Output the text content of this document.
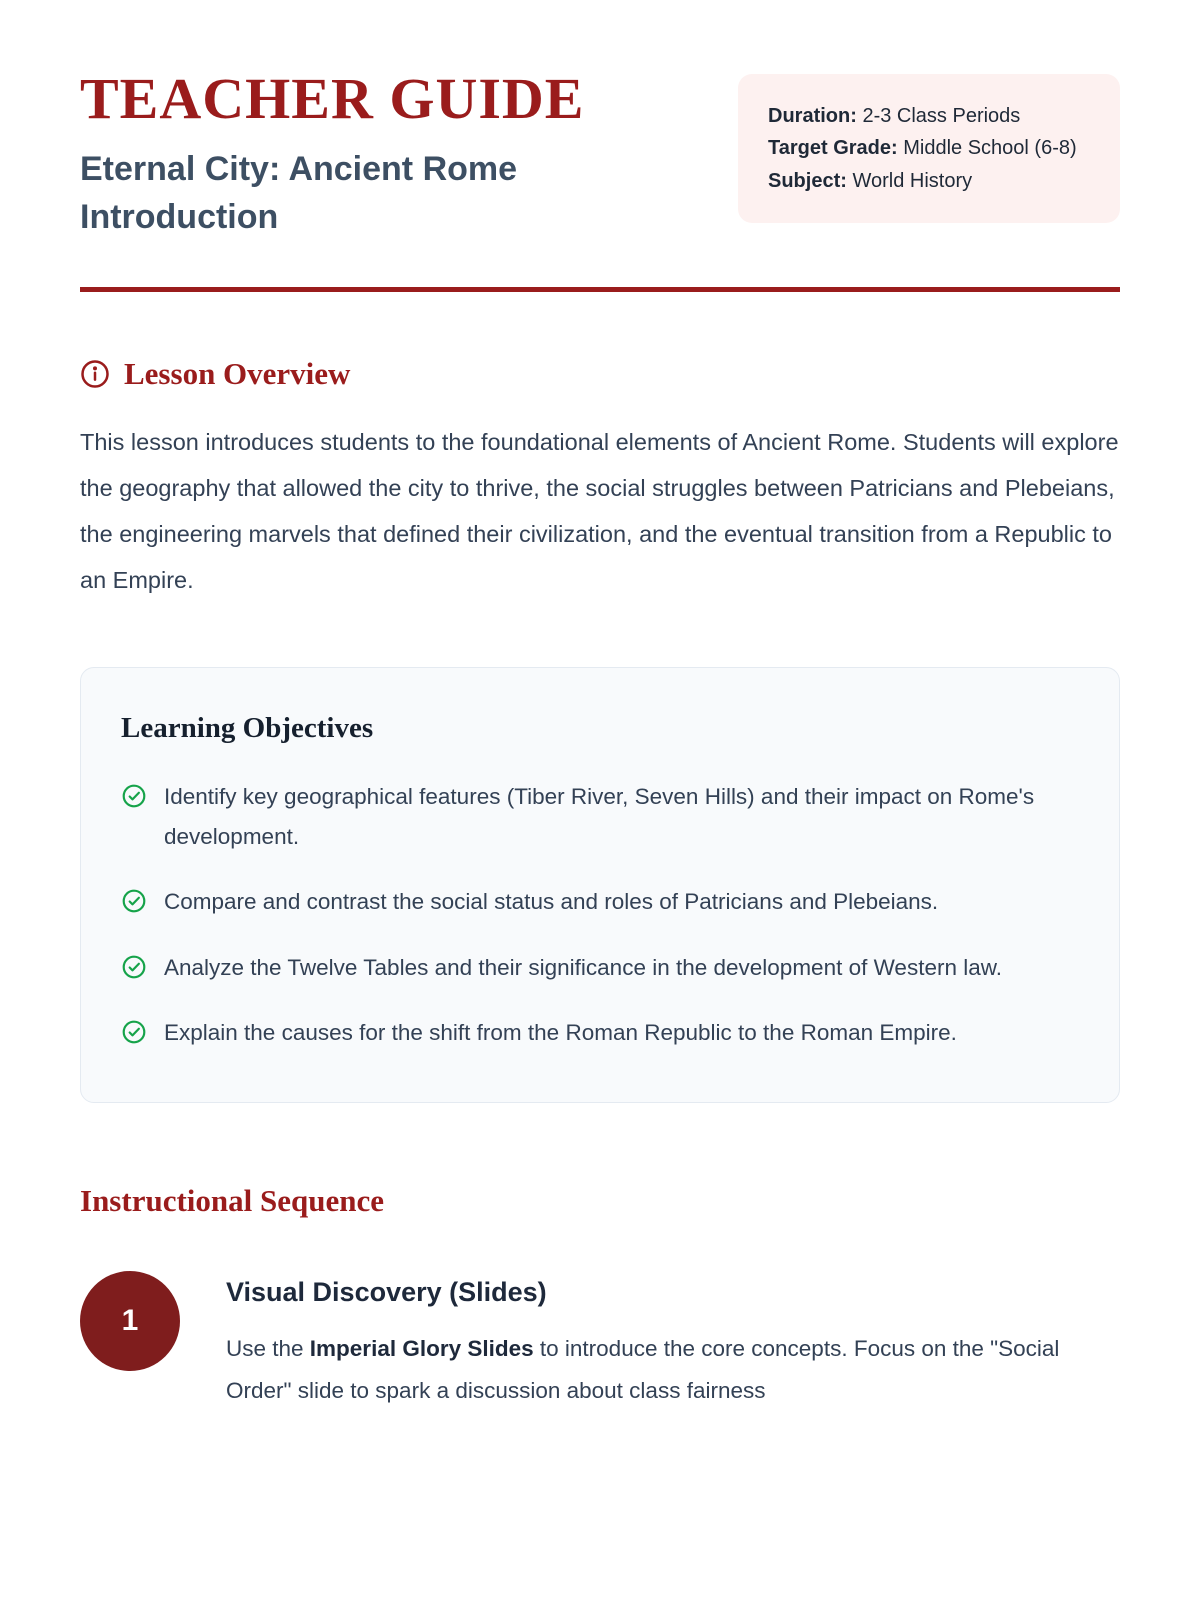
TEACHER GUIDE
Eternal City: Ancient Rome Introduction
Duration: 2-3 Class Periods
Target Grade: Middle School (6-8)
Subject: World History
Lesson Overview

This lesson introduces students to the foundational elements of Ancient Rome. Students will explore the geography that allowed the city to thrive, the social struggles between Patricians and Plebeians, the engineering marvels that defined their civilization, and the eventual transition from a Republic to an Empire.

Learning Objectives
Identify key geographical features (Tiber River, Seven Hills) and their impact on Rome's development.
Compare and contrast the social status and roles of Patricians and Plebeians.
Analyze the Twelve Tables and their significance in the development of Western law.
Explain the causes for the shift from the Roman Republic to the Roman Empire.
Instructional Sequence
1
Visual Discovery (Slides)

Use the Imperial Glory Slides to introduce the core concepts. Focus on the "Social Order" slide to spark a discussion about class fairness
